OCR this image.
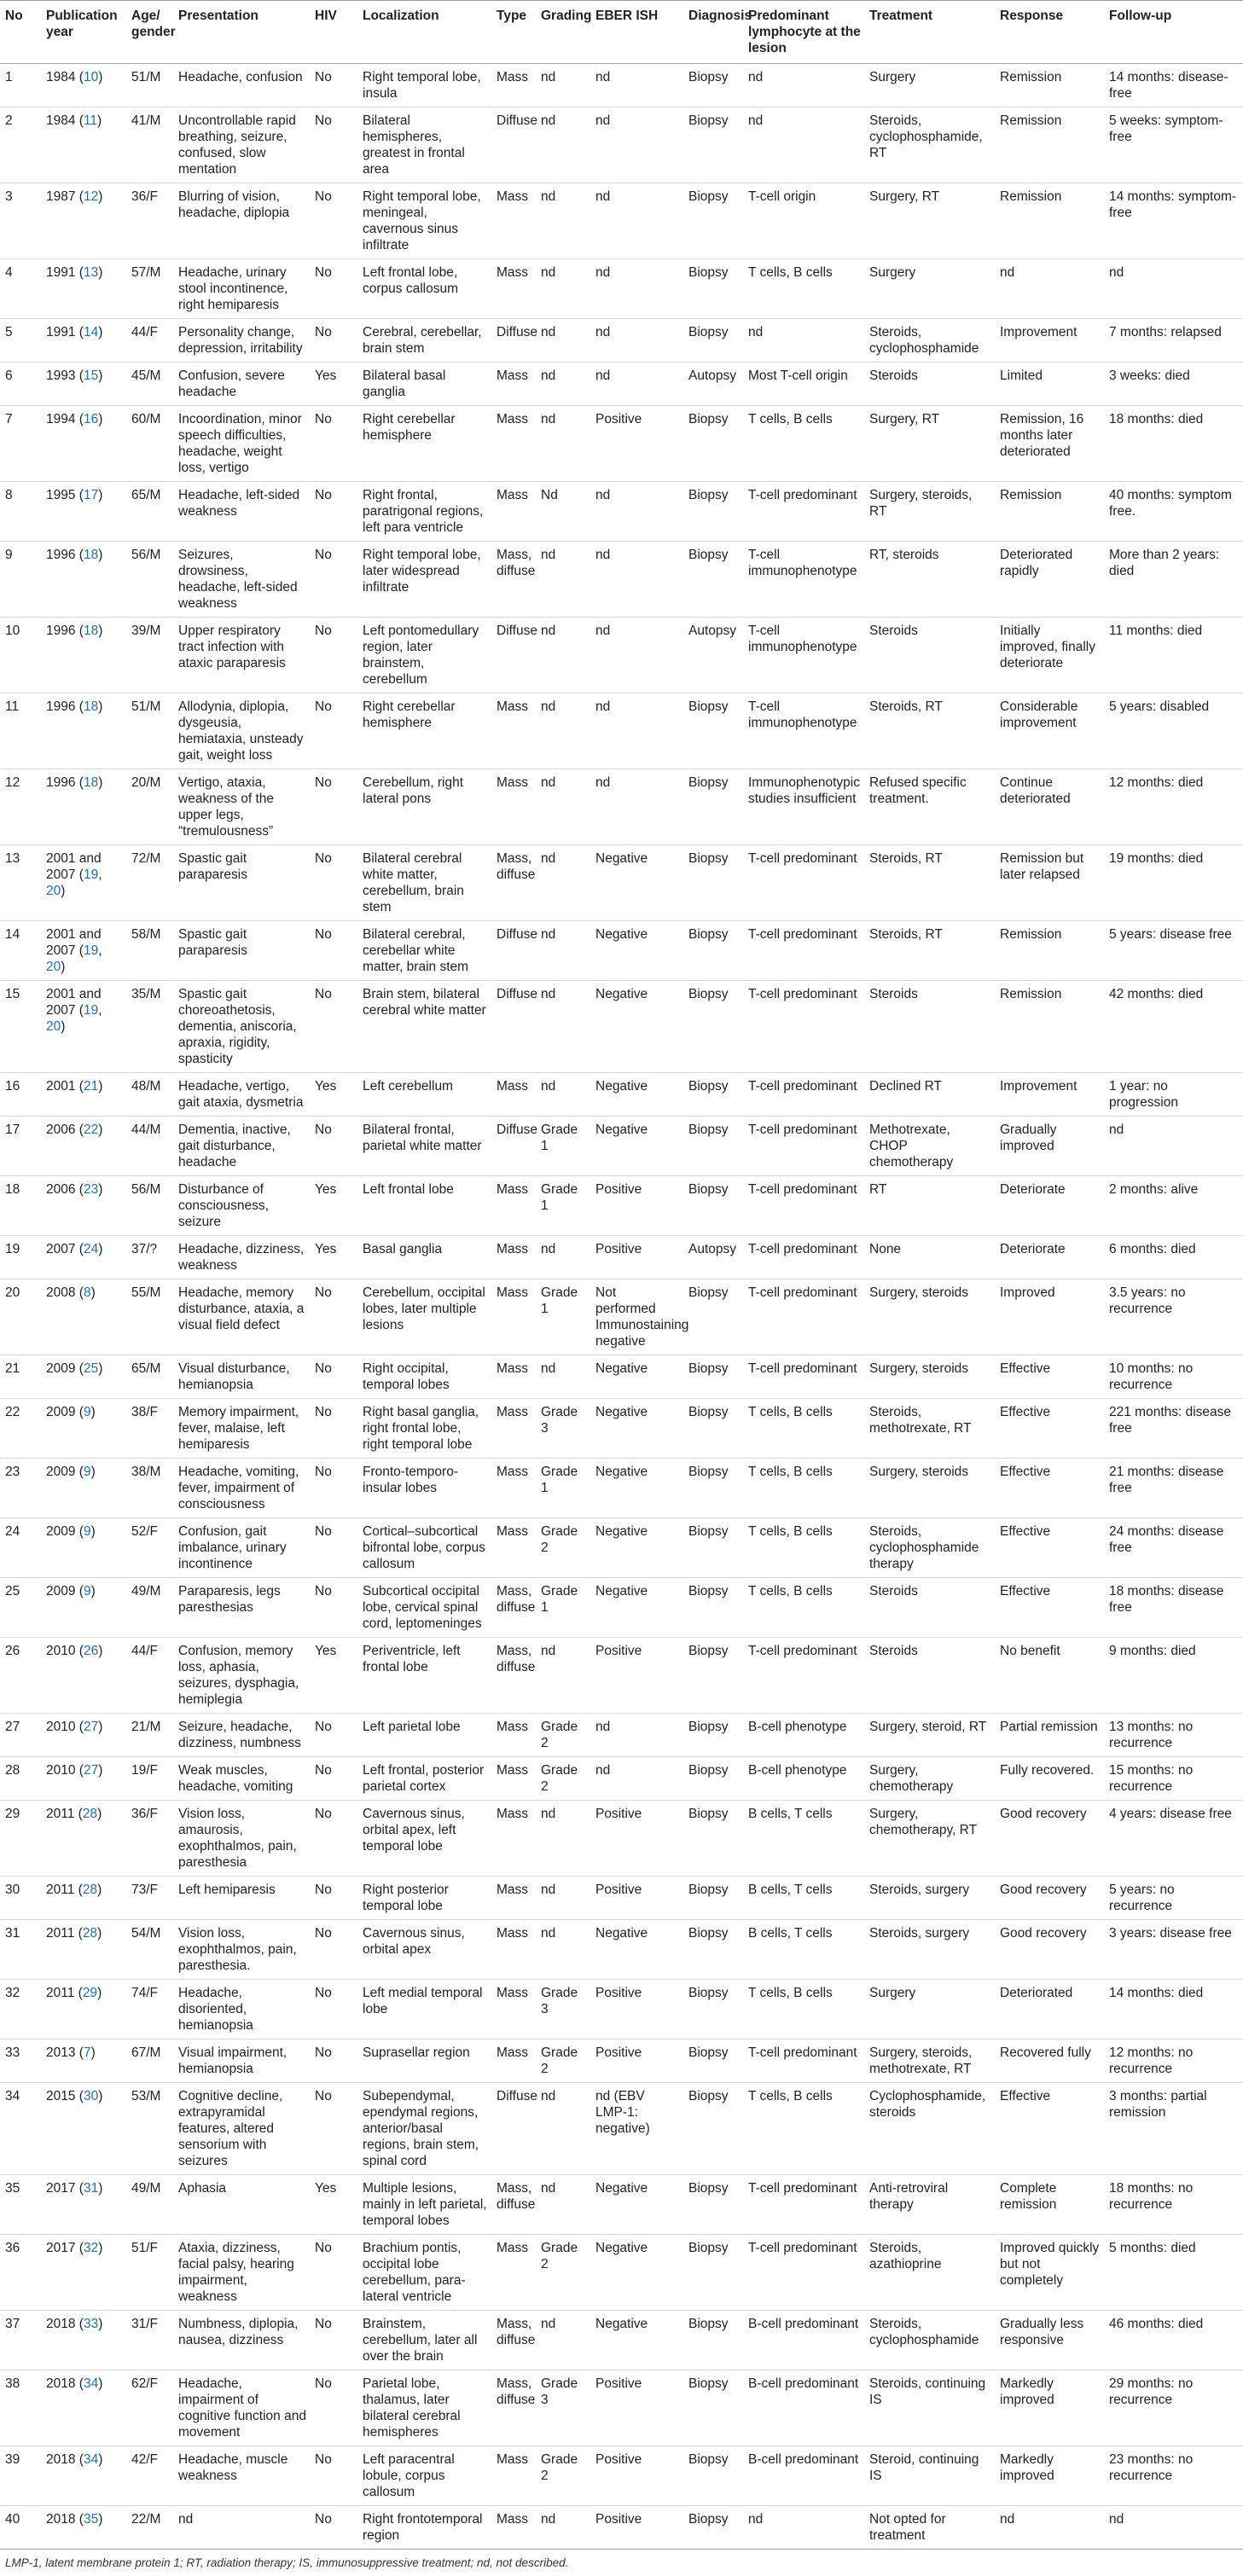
No	Publication year	Age/ gender	Presentation	HIV	Localization	Type	Grading	EBER ISH	Diagnosis	Predominant lymphocyte at the lesion	Treatment	Response	Follow-up
1	1984 (10)	51/M	Headache, confusion	No	Right temporal lobe, insula	Mass	nd	nd	Biopsy	nd	Surgery	Remission	14 months: disease-free
2	1984 (11)	41/M	Uncontrollable rapid breathing, seizure, confused, slow mentation	No	Bilateral hemispheres, greatest in frontal area	Diffuse	nd	nd	Biopsy	nd	Steroids, cyclophosphamide, RT	Remission	5 weeks: symptom-free
3	1987 (12)	36/F	Blurring of vision, headache, diplopia	No	Right temporal lobe, meningeal, cavernous sinus infiltrate	Mass	nd	nd	Biopsy	T-cell origin	Surgery, RT	Remission	14 months: symptom-free
4	1991 (13)	57/M	Headache, urinary stool incontinence, right hemiparesis	No	Left frontal lobe, corpus callosum	Mass	nd	nd	Biopsy	T cells, B cells	Surgery	nd	nd
5	1991 (14)	44/F	Personality change, depression, irritability	No	Cerebral, cerebellar, brain stem	Diffuse	nd	nd	Biopsy	nd	Steroids, cyclophosphamide	Improvement	7 months: relapsed
6	1993 (15)	45/M	Confusion, severe headache	Yes	Bilateral basal ganglia	Mass	nd	nd	Autopsy	Most T-cell origin	Steroids	Limited	3 weeks: died
7	1994 (16)	60/M	Incoordination, minor speech difficulties, headache, weight loss, vertigo	No	Right cerebellar hemisphere	Mass	nd	Positive	Biopsy	T cells, B cells	Surgery, RT	Remission, 16 months later deteriorated	18 months: died
8	1995 (17)	65/M	Headache, left-sided weakness	No	Right frontal, paratrigonal regions, left para ventricle	Mass	Nd	nd	Biopsy	T-cell predominant	Surgery, steroids, RT	Remission	40 months: symptom free.
9	1996 (18)	56/M	Seizures, drowsiness, headache, left-sided weakness	No	Right temporal lobe, later widespread infiltrate	Mass, diffuse	nd	nd	Biopsy	T-cell immunophenotype	RT, steroids	Deteriorated rapidly	More than 2 years: died
10	1996 (18)	39/M	Upper respiratory tract infection with ataxic paraparesis	No	Left pontomedullary region, later brainstem, cerebellum	Diffuse	nd	nd	Autopsy	T-cell immunophenotype	Steroids	Initially improved, finally deteriorate	11 months: died
11	1996 (18)	51/M	Allodynia, diplopia, dysgeusia, hemiataxia, unsteady gait, weight loss	No	Right cerebellar hemisphere	Mass	nd	nd	Biopsy	T-cell immunophenotype	Steroids, RT	Considerable improvement	5 years: disabled
12	1996 (18)	20/M	Vertigo, ataxia, weakness of the upper legs, “tremulousness”	No	Cerebellum, right lateral pons	Mass	nd	nd	Biopsy	Immunophenotypic studies insufficient	Refused specific treatment.	Continue deteriorated	12 months: died
13	2001 and 2007 (19, 20)	72/M	Spastic gait paraparesis	No	Bilateral cerebral white matter, cerebellum, brain stem	Mass, diffuse	nd	Negative	Biopsy	T-cell predominant	Steroids, RT	Remission but later relapsed	19 months: died
14	2001 and 2007 (19, 20)	58/M	Spastic gait paraparesis	No	Bilateral cerebral, cerebellar white matter, brain stem	Diffuse	nd	Negative	Biopsy	T-cell predominant	Steroids, RT	Remission	5 years: disease free
15	2001 and 2007 (19, 20)	35/M	Spastic gait chorеoathetosis, dementia, aniscoria, apraxia, rigidity, spasticity	No	Brain stem, bilateral cerebral white matter	Diffuse	nd	Negative	Biopsy	T-cell predominant	Steroids	Remission	42 months: died
16	2001 (21)	48/M	Headache, vertigo, gait ataxia, dysmetria	Yes	Left cerebellum	Mass	nd	Negative	Biopsy	T-cell predominant	Declined RT	Improvement	1 year: no progression
17	2006 (22)	44/M	Dementia, inactive, gait disturbance, headache	No	Bilateral frontal, parietal white matter	Diffuse	Grade 1	Negative	Biopsy	T-cell predominant	Methotrexate, CHOP chemotherapy	Gradually improved	nd
18	2006 (23)	56/M	Disturbance of consciousness, seizure	Yes	Left frontal lobe	Mass	Grade 1	Positive	Biopsy	T-cell predominant	RT	Deteriorate	2 months: alive
19	2007 (24)	37/?	Headache, dizziness, weakness	Yes	Basal ganglia	Mass	nd	Positive	Autopsy	T-cell predominant	None	Deteriorate	6 months: died
20	2008 (8)	55/M	Headache, memory disturbance, ataxia, a visual field defect	No	Cerebellum, occipital lobes, later multiple lesions	Mass	Grade 1	Not performed Immunostaining negative	Biopsy	T-cell predominant	Surgery, steroids	Improved	3.5 years: no recurrence
21	2009 (25)	65/M	Visual disturbance, hemianopsia	No	Right occipital, temporal lobes	Mass	nd	Negative	Biopsy	T-cell predominant	Surgery, steroids	Effective	10 months: no recurrence
22	2009 (9)	38/F	Memory impairment, fever, malaise, left hemiparesis	No	Right basal ganglia, right frontal lobe, right temporal lobe	Mass	Grade 3	Negative	Biopsy	T cells, B cells	Steroids, methotrexate, RT	Effective	221 months: disease free
23	2009 (9)	38/M	Headache, vomiting, fever, impairment of consciousness	No	Fronto-temporo-insular lobes	Mass	Grade 1	Negative	Biopsy	T cells, B cells	Surgery, steroids	Effective	21 months: disease free
24	2009 (9)	52/F	Confusion, gait imbalance, urinary incontinence	No	Cortical–subcortical bifrontal lobe, corpus callosum	Mass	Grade 2	Negative	Biopsy	T cells, B cells	Steroids, cyclophosphamide therapy	Effective	24 months: disease free
25	2009 (9)	49/M	Paraparesis, legs paresthesias	No	Subcortical occipital lobe, cervical spinal cord, leptomeninges	Mass, diffuse	Grade 1	Negative	Biopsy	T cells, B cells	Steroids	Effective	18 months: disease free
26	2010 (26)	44/F	Confusion, memory loss, aphasia, seizures, dysphagia, hemiplegia	Yes	Periventricle, left frontal lobe	Mass, diffuse	nd	Positive	Biopsy	T-cell predominant	Steroids	No benefit	9 months: died
27	2010 (27)	21/M	Seizure, headache, dizziness, numbness	No	Left parietal lobe	Mass	Grade 2	nd	Biopsy	B-cell phenotype	Surgery, steroid, RT	Partial remission	13 months: no recurrence
28	2010 (27)	19/F	Weak muscles, headache, vomiting	No	Left frontal, posterior parietal cortex	Mass	Grade 2	nd	Biopsy	B-cell phenotype	Surgery, chemotherapy	Fully recovered.	15 months: no recurrence
29	2011 (28)	36/F	Vision loss, amaurosis, exophthalmos, pain, paresthesia	No	Cavernous sinus, orbital apex, left temporal lobe	Mass	nd	Positive	Biopsy	B cells, T cells	Surgery, chemotherapy, RT	Good recovery	4 years: disease free
30	2011 (28)	73/F	Left hemiparesis	No	Right posterior temporal lobe	Mass	nd	Positive	Biopsy	B cells, T cells	Steroids, surgery	Good recovery	5 years: no recurrence
31	2011 (28)	54/M	Vision loss, exophthalmos, pain, paresthesia.	No	Cavernous sinus, orbital apex	Mass	nd	Negative	Biopsy	B cells, T cells	Steroids, surgery	Good recovery	3 years: disease free
32	2011 (29)	74/F	Headache, disoriented, hemianopsia	No	Left medial temporal lobe	Mass	Grade 3	Positive	Biopsy	T cells, B cells	Surgery	Deteriorated	14 months: died
33	2013 (7)	67/M	Visual impairment, hemianopsia	No	Suprasellar region	Mass	Grade 2	Positive	Biopsy	T-cell predominant	Surgery, steroids, methotrexate, RT	Recovered fully	12 months: no recurrence
34	2015 (30)	53/M	Cognitive decline, extrapyramidal features, altered sensorium with seizures	No	Subependymal, ependymal regions, anterior/basal regions, brain stem, spinal cord	Diffuse	nd	nd (EBV LMP-1: negative)	Biopsy	T cells, B cells	Cyclophosphamide, steroids	Effective	3 months: partial remission
35	2017 (31)	49/M	Aphasia	Yes	Multiple lesions, mainly in left parietal, temporal lobes	Mass, diffuse	nd	Negative	Biopsy	T-cell predominant	Anti-retroviral therapy	Complete remission	18 months: no recurrence
36	2017 (32)	51/F	Ataxia, dizziness, facial palsy, hearing impairment, weakness	No	Brachium pontis, occipital lobe cerebellum, para-lateral ventricle	Mass	Grade 2	Negative	Biopsy	T-cell predominant	Steroids, azathioprine	Improved quickly but not completely	5 months: died
37	2018 (33)	31/F	Numbness, diplopia, nausea, dizziness	No	Brainstem, cerebellum, later all over the brain	Mass, diffuse	nd	Negative	Biopsy	B-cell predominant	Steroids, cyclophosphamide	Gradually less responsive	46 months: died
38	2018 (34)	62/F	Headache, impairment of cognitive function and movement	No	Parietal lobe, thalamus, later bilateral cerebral hemispheres	Mass, diffuse	Grade 3	Positive	Biopsy	B-cell predominant	Steroids, continuing IS	Markedly improved	29 months: no recurrence
39	2018 (34)	42/F	Headache, muscle weakness	No	Left paracentral lobule, corpus callosum	Mass	Grade 2	Positive	Biopsy	B-cell predominant	Steroid, continuing IS	Markedly improved	23 months: no recurrence
40	2018 (35)	22/M	nd	No	Right frontotemporal region	Mass	nd	Positive	Biopsy	nd	Not opted for treatment	nd	nd
LMP-1, latent membrane protein 1; RT, radiation therapy; IS, immunosuppressive treatment; nd, not described.
